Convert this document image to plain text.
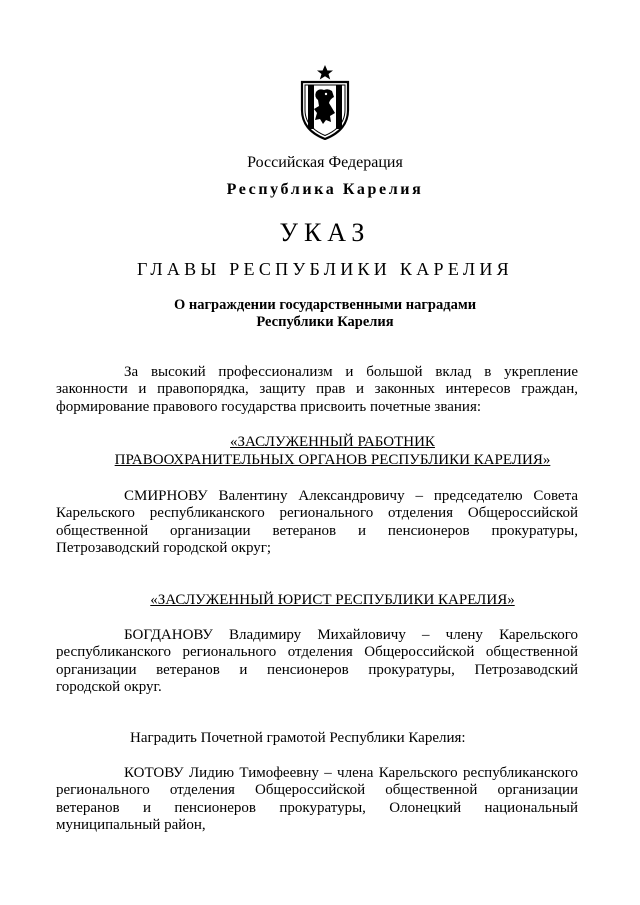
Российская Федерация
Республика Карелия
УКАЗ
ГЛАВЫ РЕСПУБЛИКИ КАРЕЛИЯ
О награждении государственными наградами
Республики Карелия
За высокий профессионализм и большой вклад в укрепление
законности и правопорядка, защиту прав и законных интересов граждан,
формирование правового государства присвоить почетные звания:
«ЗАСЛУЖЕННЫЙ РАБОТНИК
ПРАВООХРАНИТЕЛЬНЫХ ОРГАНОВ РЕСПУБЛИКИ КАРЕЛИЯ»
СМИРНОВУ Валентину Александровичу – председателю Совета
Карельского республиканского регионального отделения Общероссийской
общественной организации ветеранов и пенсионеров прокуратуры,
Петрозаводский городской округ;
«ЗАСЛУЖЕННЫЙ ЮРИСТ РЕСПУБЛИКИ КАРЕЛИЯ»
БОГДАНОВУ Владимиру Михайловичу – члену Карельского
республиканского регионального отделения Общероссийской общественной
организации ветеранов и пенсионеров прокуратуры, Петрозаводский
городской округ.
Наградить Почетной грамотой Республики Карелия:
КОТОВУ Лидию Тимофеевну – члена Карельского республиканского
регионального отделения Общероссийской общественной организации
ветеранов и пенсионеров прокуратуры, Олонецкий национальный
муниципальный район,
